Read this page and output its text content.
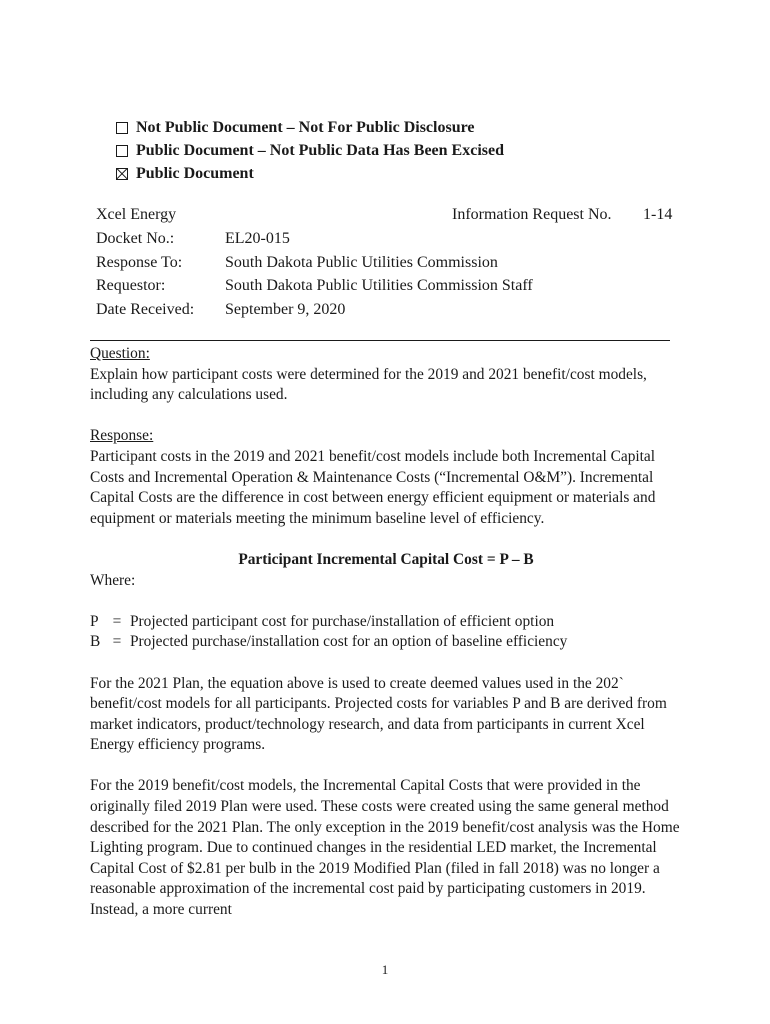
Not Public Document – Not For Public Disclosure
Public Document – Not Public Data Has Been Excised
Public Document
Xcel Energy	Information Request No. 1-14
Docket No.:	EL20-015
Response To:	South Dakota Public Utilities Commission
Requestor:	South Dakota Public Utilities Commission Staff
Date Received:	September 9, 2020

Question:

Explain how participant costs were determined for the 2019 and 2021 benefit/cost models, including any calculations used.

Response:

Participant costs in the 2019 and 2021 benefit/cost models include both Incremental Capital Costs and Incremental Operation & Maintenance Costs (“Incremental O&M”). Incremental Capital Costs are the difference in cost between energy efficient equipment or materials and equipment or materials meeting the minimum baseline level of efficiency.

Participant Incremental Capital Cost = P – B

Where:

P = Projected participant cost for purchase/installation of efficient option
B = Projected purchase/installation cost for an option of baseline efficiency

For the 2021 Plan, the equation above is used to create deemed values used in the 202` benefit/cost models for all participants. Projected costs for variables P and B are derived from market indicators, product/technology research, and data from participants in current Xcel Energy efficiency programs.

For the 2019 benefit/cost models, the Incremental Capital Costs that were provided in the originally filed 2019 Plan were used. These costs were created using the same general method described for the 2021 Plan. The only exception in the 2019 benefit/cost analysis was the Home Lighting program. Due to continued changes in the residential LED market, the Incremental Capital Cost of $2.81 per bulb in the 2019 Modified Plan (filed in fall 2018) was no longer a reasonable approximation of the incremental cost paid by participating customers in 2019. Instead, a more current

1
